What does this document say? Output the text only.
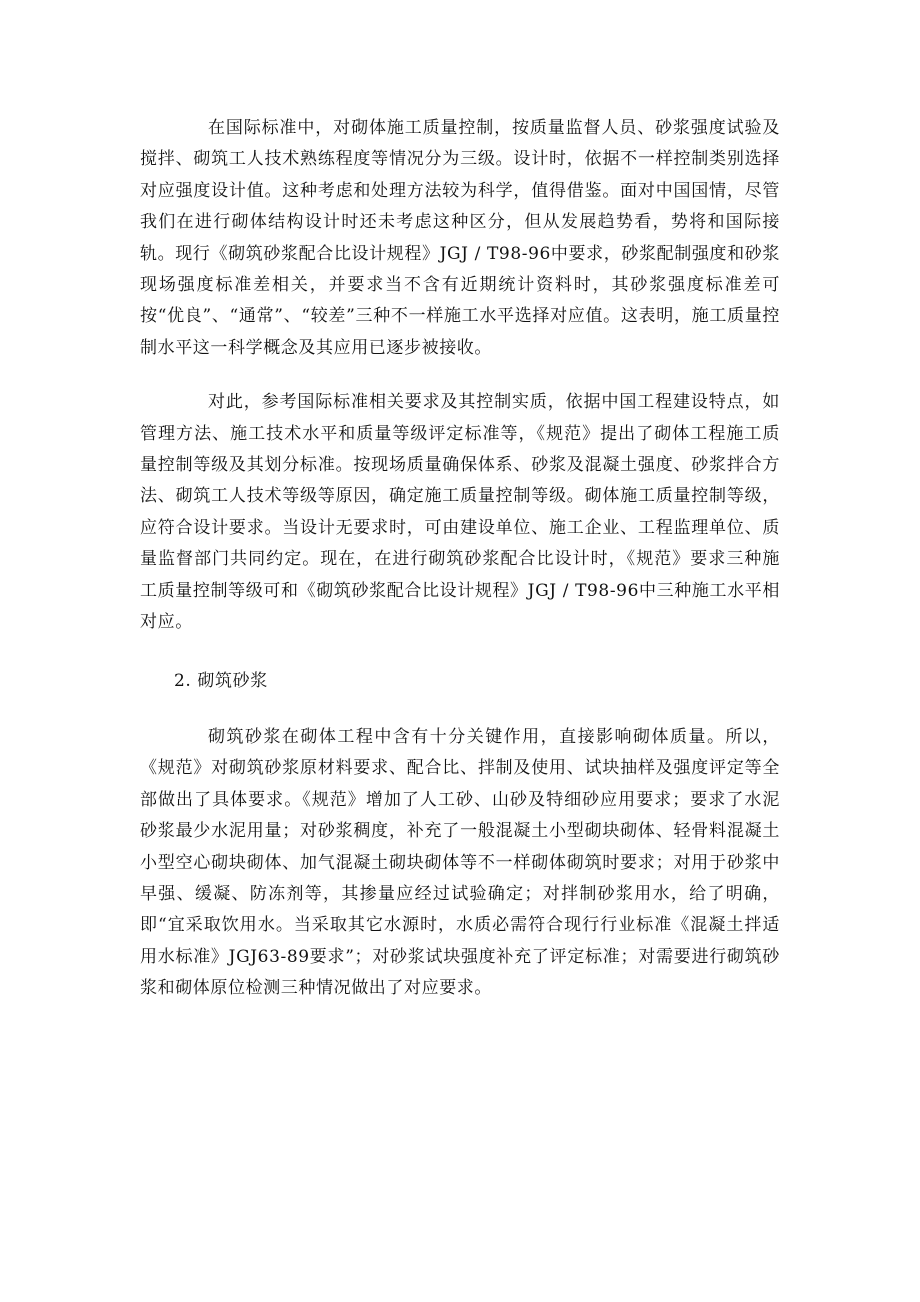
在国际标准中，对砌体施工质量控制，按质量监督人员、砂浆强度试验及搅拌、砌筑工人技术熟练程度等情况分为三级。设计时，依据不一样控制类别选择对应强度设计值。这种考虑和处理方法较为科学，值得借鉴。面对中国国情，尽管我们在进行砌体结构设计时还未考虑这种区分，但从发展趋势看，势将和国际接轨。现行《砌筑砂浆配合比设计规程》JGJ / T98-96中要求，砂浆配制强度和砂浆现场强度标准差相关，并要求当不含有近期统计资料时，其砂浆强度标准差可按“优良”、“通常”、“较差”三种不一样施工水平选择对应值。这表明，施工质量控制水平这一科学概念及其应用已逐步被接收。

对此，参考国际标准相关要求及其控制实质，依据中国工程建设特点，如管理方法、施工技术水平和质量等级评定标准等，《规范》提出了砌体工程施工质量控制等级及其划分标准。按现场质量确保体系、砂浆及混凝土强度、砂浆拌合方法、砌筑工人技术等级等原因，确定施工质量控制等级。砌体施工质量控制等级，应符合设计要求。当设计无要求时，可由建设单位、施工企业、工程监理单位、质量监督部门共同约定。现在，在进行砌筑砂浆配合比设计时，《规范》要求三种施工质量控制等级可和《砌筑砂浆配合比设计规程》JGJ / T98-96中三种施工水平相对应。

2. 砌筑砂浆

砌筑砂浆在砌体工程中含有十分关键作用，直接影响砌体质量。所以，《规范》对砌筑砂浆原材料要求、配合比、拌制及使用、试块抽样及强度评定等全部做出了具体要求。《规范》增加了人工砂、山砂及特细砂应用要求；要求了水泥砂浆最少水泥用量；对砂浆稠度，补充了一般混凝土小型砌块砌体、轻骨料混凝土小型空心砌块砌体、加气混凝土砌块砌体等不一样砌体砌筑时要求；对用于砂浆中早强、缓凝、防冻剂等，其掺量应经过试验确定；对拌制砂浆用水，给了明确，即“宜采取饮用水。当采取其它水源时，水质必需符合现行行业标准《混凝土拌适用水标准》JGJ63-89要求”；对砂浆试块强度补充了评定标准；对需要进行砌筑砂浆和砌体原位检测三种情况做出了对应要求。
